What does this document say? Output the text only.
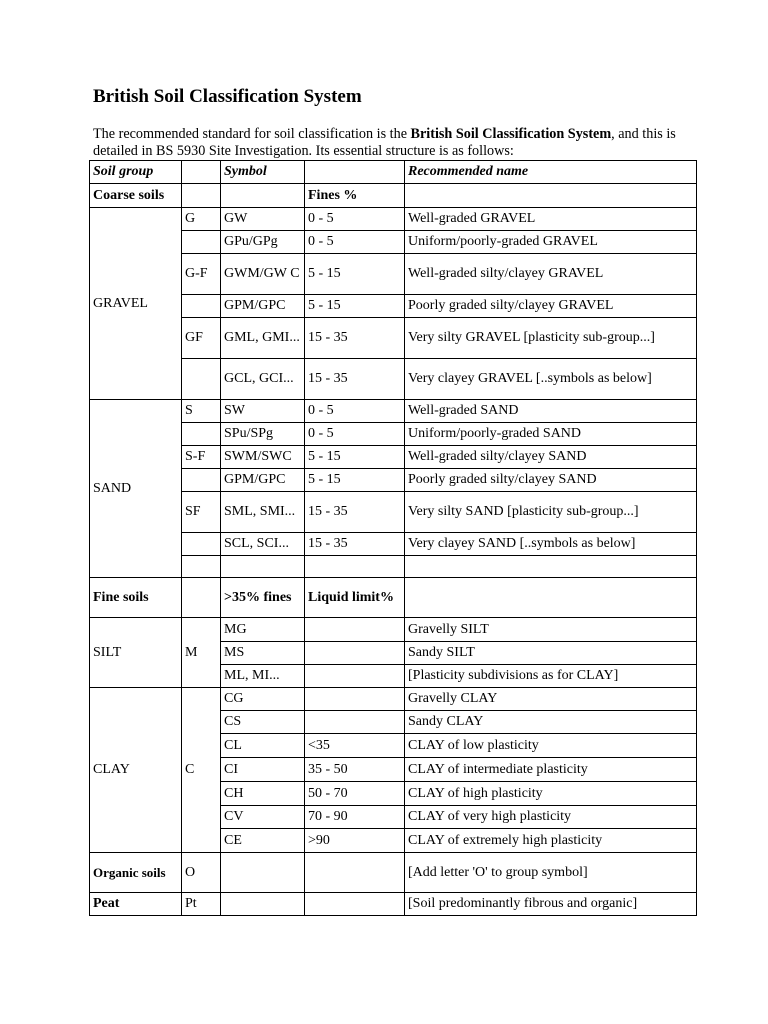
British Soil Classification System

The recommended standard for soil classification is the British Soil Classification System, and this is detailed in BS 5930 Site Investigation. Its essential structure is as follows:

Soil group		Symbol		Recommended name
Coarse soils			Fines %	
GRAVEL	G	GW	0 - 5	Well-graded GRAVEL
		GPu/GPg	0 - 5	Uniform/poorly-graded GRAVEL
	G-F	GWM/GW C	5 - 15	Well-graded silty/clayey GRAVEL
		GPM/GPC	5 - 15	Poorly graded silty/clayey GRAVEL
	GF	GML, GMI...	15 - 35	Very silty GRAVEL [plasticity sub-group...]
		GCL, GCI...	15 - 35	Very clayey GRAVEL [..symbols as below]
SAND	S	SW	0 - 5	Well-graded SAND
		SPu/SPg	0 - 5	Uniform/poorly-graded SAND
	S-F	SWM/SWC	5 - 15	Well-graded silty/clayey SAND
		GPM/GPC	5 - 15	Poorly graded silty/clayey SAND
	SF	SML, SMI...	15 - 35	Very silty SAND [plasticity sub-group...]
		SCL, SCI...	15 - 35	Very clayey SAND [..symbols as below]

Fine soils		>35% fines	Liquid limit%	
SILT	M	MG		Gravelly SILT
		MS		Sandy SILT
		ML, MI...		[Plasticity subdivisions as for CLAY]
CLAY	C	CG		Gravelly CLAY
		CS		Sandy CLAY
		CL	<35	CLAY of low plasticity
		CI	35 - 50	CLAY of intermediate plasticity
		CH	50 - 70	CLAY of high plasticity
		CV	70 - 90	CLAY of very high plasticity
		CE	>90	CLAY of extremely high plasticity
Organic soils	O			[Add letter 'O' to group symbol]
Peat	Pt			[Soil predominantly fibrous and organic]
